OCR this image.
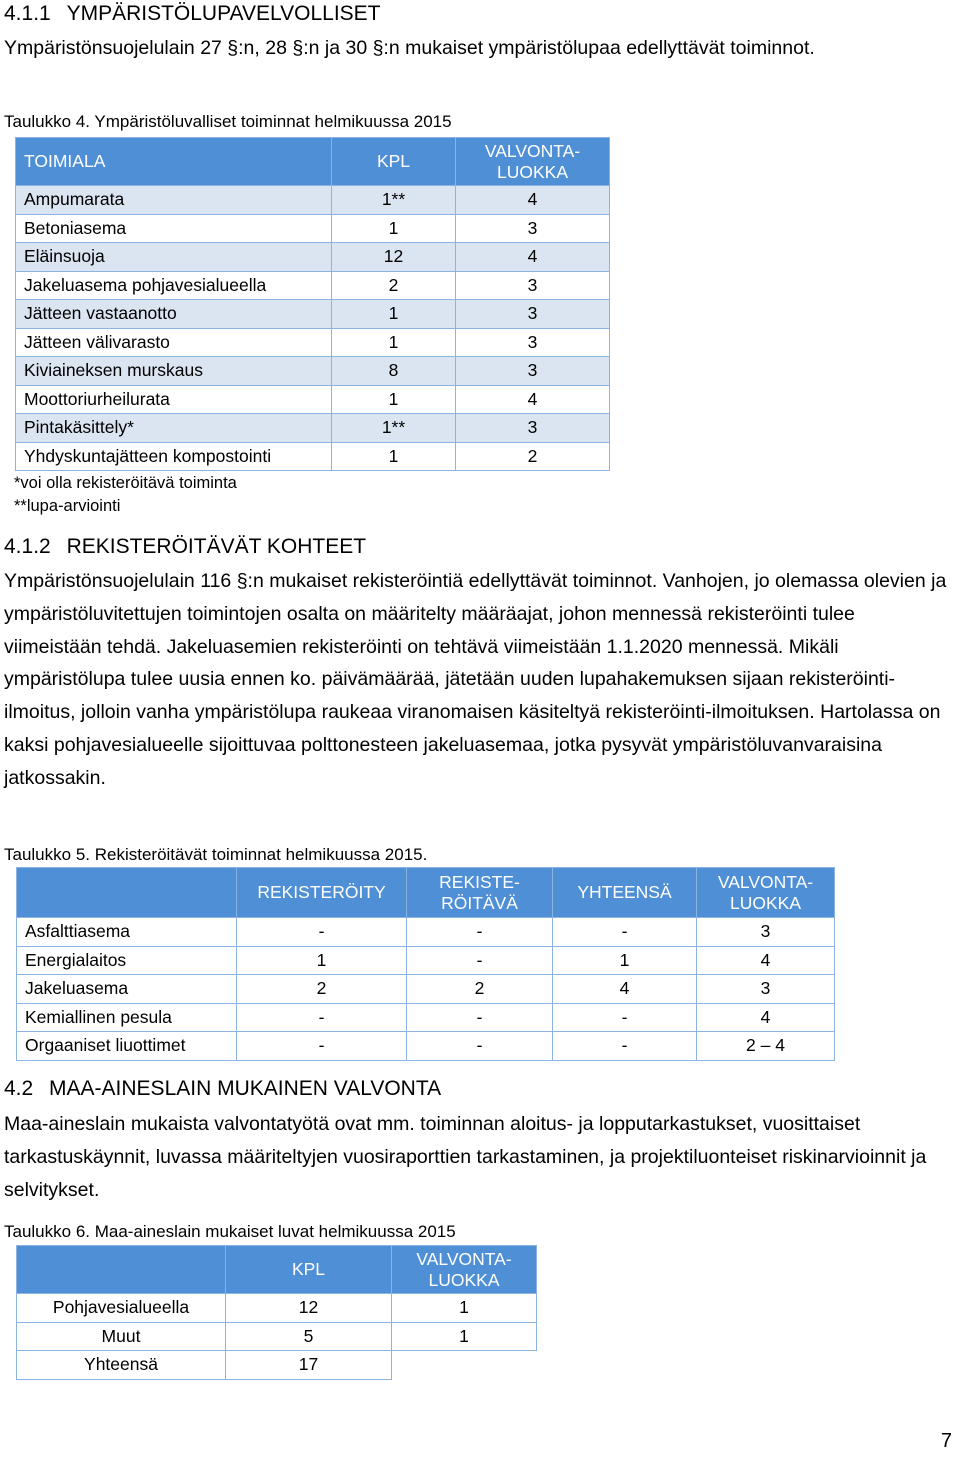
4.1.1 YMPÄRISTÖLUPAVELVOLLISET

Ympäristönsuojelulain 27 §:n, 28 §:n ja 30 §:n mukaiset ympäristölupaa edellyttävät toiminnot.

Taulukko 4. Ympäristöluvalliset toiminnat helmikuussa 2015
TOIMIALA	KPL	VALVONTA-LUOKKA
Ampumarata	1**	4
Betoniasema	1	3
Eläinsuoja	12	4
Jakeluasema pohjavesialueella	2	3
Jätteen vastaanotto	1	3
Jätteen välivarasto	1	3
Kiviaineksen murskaus	8	3
Moottoriurheilurata	1	4
Pintakäsittely*	1**	3
Yhdyskuntajätteen kompostointi	1	2
*voi olla rekisteröitävä toiminta
**lupa-arviointi
4.1.2 REKISTERÖITÄVÄT KOHTEET

Ympäristönsuojelulain 116 §:n mukaiset rekisteröintiä edellyttävät toiminnot. Vanhojen, jo olemassa olevien ja ympäristöluvitettujen toimintojen osalta on määritelty määräajat, johon mennessä rekisteröinti tulee viimeistään tehdä. Jakeluasemien rekisteröinti on tehtävä viimeistään 1.1.2020 mennessä. Mikäli ympäristölupa tulee uusia ennen ko. päivämäärää, jätetään uuden lupahakemuksen sijaan rekisteröinti-ilmoitus, jolloin vanha ympäristölupa raukeaa viranomaisen käsiteltyä rekisteröinti-ilmoituksen. Hartolassa on kaksi pohjavesialueelle sijoittuvaa polttonesteen jakeluasemaa, jotka pysyvät ympäristöluvanvaraisina jatkossakin.

Taulukko 5. Rekisteröitävät toiminnat helmikuussa 2015.
	REKISTERÖITY	REKISTE-RÖITÄVÄ	YHTEENSÄ	VALVONTA-LUOKKA
Asfalttiasema	-	-	-	3
Energialaitos	1	-	1	4
Jakeluasema	2	2	4	3
Kemiallinen pesula	-	-	-	4
Orgaaniset liuottimet	-	-	-	2 – 4
4.2 MAA-AINESLAIN MUKAINEN VALVONTA

Maa-aineslain mukaista valvontatyötä ovat mm. toiminnan aloitus- ja lopputarkastukset, vuosittaiset tarkastuskäynnit, luvassa määriteltyjen vuosiraporttien tarkastaminen, ja projektiluonteiset riskinarvioinnit ja selvitykset.

Taulukko 6. Maa-aineslain mukaiset luvat helmikuussa 2015
	KPL	VALVONTA-LUOKKA
Pohjavesialueella	12	1
Muut	5	1
Yhteensä	17	
7
